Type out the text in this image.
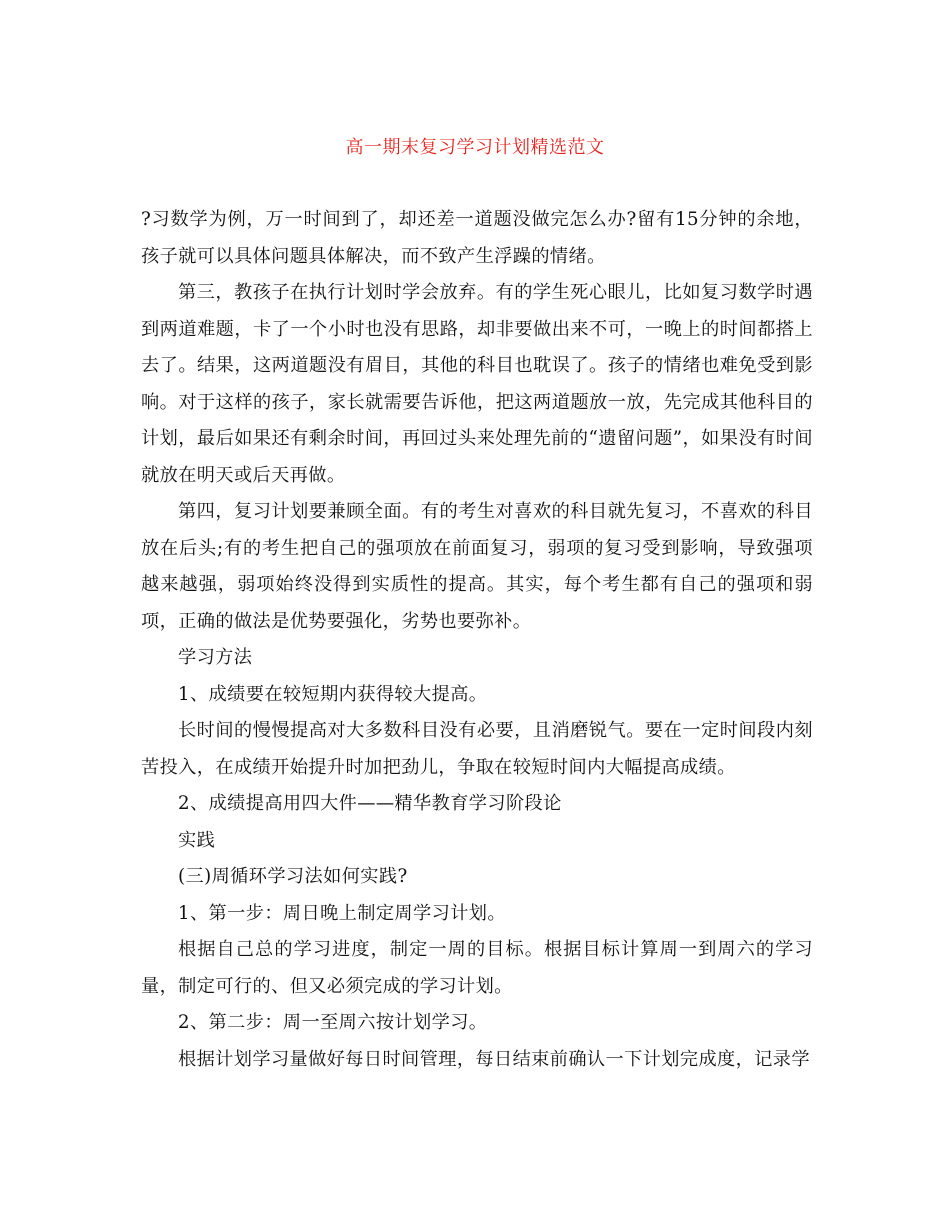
高一期末复习学习计划精选范文

?习数学为例，万一时间到了，却还差一道题没做完怎么办?留有15分钟的余地，孩子就可以具体问题具体解决，而不致产生浮躁的情绪。

第三，教孩子在执行计划时学会放弃。有的学生死心眼儿，比如复习数学时遇到两道难题，卡了一个小时也没有思路，却非要做出来不可，一晚上的时间都搭上去了。结果，这两道题没有眉目，其他的科目也耽误了。孩子的情绪也难免受到影响。对于这样的孩子，家长就需要告诉他，把这两道题放一放，先完成其他科目的计划，最后如果还有剩余时间，再回过头来处理先前的“遗留问题”，如果没有时间就放在明天或后天再做。

第四，复习计划要兼顾全面。有的考生对喜欢的科目就先复习，不喜欢的科目放在后头;有的考生把自己的强项放在前面复习，弱项的复习受到影响，导致强项越来越强，弱项始终没得到实质性的提高。其实，每个考生都有自己的强项和弱项，正确的做法是优势要强化，劣势也要弥补。

学习方法

1、成绩要在较短期内获得较大提高。

长时间的慢慢提高对大多数科目没有必要，且消磨锐气。要在一定时间段内刻苦投入，在成绩开始提升时加把劲儿，争取在较短时间内大幅提高成绩。

2、成绩提高用四大件——精华教育学习阶段论

实践

(三)周循环学习法如何实践?

1、第一步：周日晚上制定周学习计划。

根据自己总的学习进度，制定一周的目标。根据目标计算周一到周六的学习量，制定可行的、但又必须完成的学习计划。

2、第二步：周一至周六按计划学习。

根据计划学习量做好每日时间管理，每日结束前确认一下计划完成度，记录学
